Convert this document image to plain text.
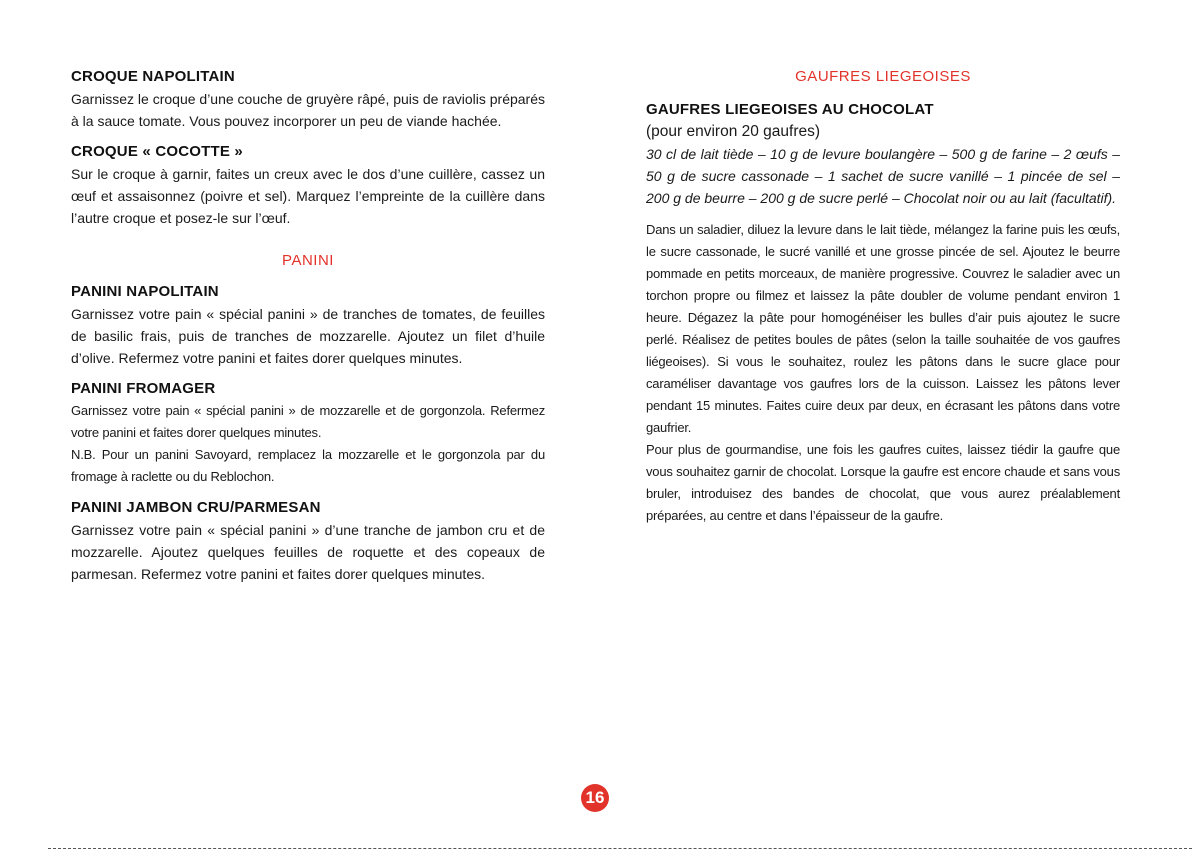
CROQUE NAPOLITAIN

Garnissez le croque d’une couche de gruyère râpé, puis de raviolis préparés à la sauce tomate. Vous pouvez incorporer un peu de viande hachée.

CROQUE « COCOTTE »

Sur le croque à garnir, faites un creux avec le dos d’une cuillère, cassez un œuf et assaisonnez (poivre et sel). Marquez l’empreinte de la cuillère dans l’autre croque et posez-le sur l’œuf.

PANINI
PANINI NAPOLITAIN

Garnissez votre pain « spécial panini » de tranches de tomates, de feuilles de basilic frais, puis de tranches de mozzarelle. Ajoutez un filet d’huile d’olive. Refermez votre panini et faites dorer quelques minutes.

PANINI FROMAGER

Garnissez votre pain « spécial panini » de mozzarelle et de gorgonzola. Refermez votre panini et faites dorer quelques minutes.

N.B. Pour un panini Savoyard, remplacez la mozzarelle et le gorgonzola par du fromage à raclette ou du Reblochon.

PANINI JAMBON CRU/PARMESAN

Garnissez votre pain « spécial panini » d’une tranche de jambon cru et de mozzarelle. Ajoutez quelques feuilles de roquette et des copeaux de parmesan. Refermez votre panini et faites dorer quelques minutes.

GAUFRES LIEGEOISES
GAUFRES LIEGEOISES AU CHOCOLAT
(pour environ 20 gaufres)

30 cl de lait tiède – 10 g de levure boulangère – 500 g de farine – 2 œufs – 50 g de sucre cassonade – 1 sachet de sucre vanillé – 1 pincée de sel – 200 g de beurre – 200 g de sucre perlé – Chocolat noir ou au lait (facultatif).

Dans un saladier, diluez la levure dans le lait tiède, mélangez la farine puis les œufs, le sucre cassonade, le sucré vanillé et une grosse pincée de sel. Ajoutez le beurre pommade en petits morceaux, de manière progressive. Couvrez le saladier avec un torchon propre ou filmez et laissez la pâte doubler de volume pendant environ 1 heure. Dégazez la pâte pour homogénéiser les bulles d’air puis ajoutez le sucre perlé. Réalisez de petites boules de pâtes (selon la taille souhaitée de vos gaufres liégeoises). Si vous le souhaitez, roulez les pâtons dans le sucre glace pour caraméliser davantage vos gaufres lors de la cuisson. Laissez les pâtons lever pendant 15 minutes. Faites cuire deux par deux, en écrasant les pâtons dans votre gaufrier.

Pour plus de gourmandise, une fois les gaufres cuites, laissez tiédir la gaufre que vous souhaitez garnir de chocolat. Lorsque la gaufre est encore chaude et sans vous bruler, introduisez des bandes de chocolat, que vous aurez préalablement préparées, au centre et dans l’épaisseur de la gaufre.

16
